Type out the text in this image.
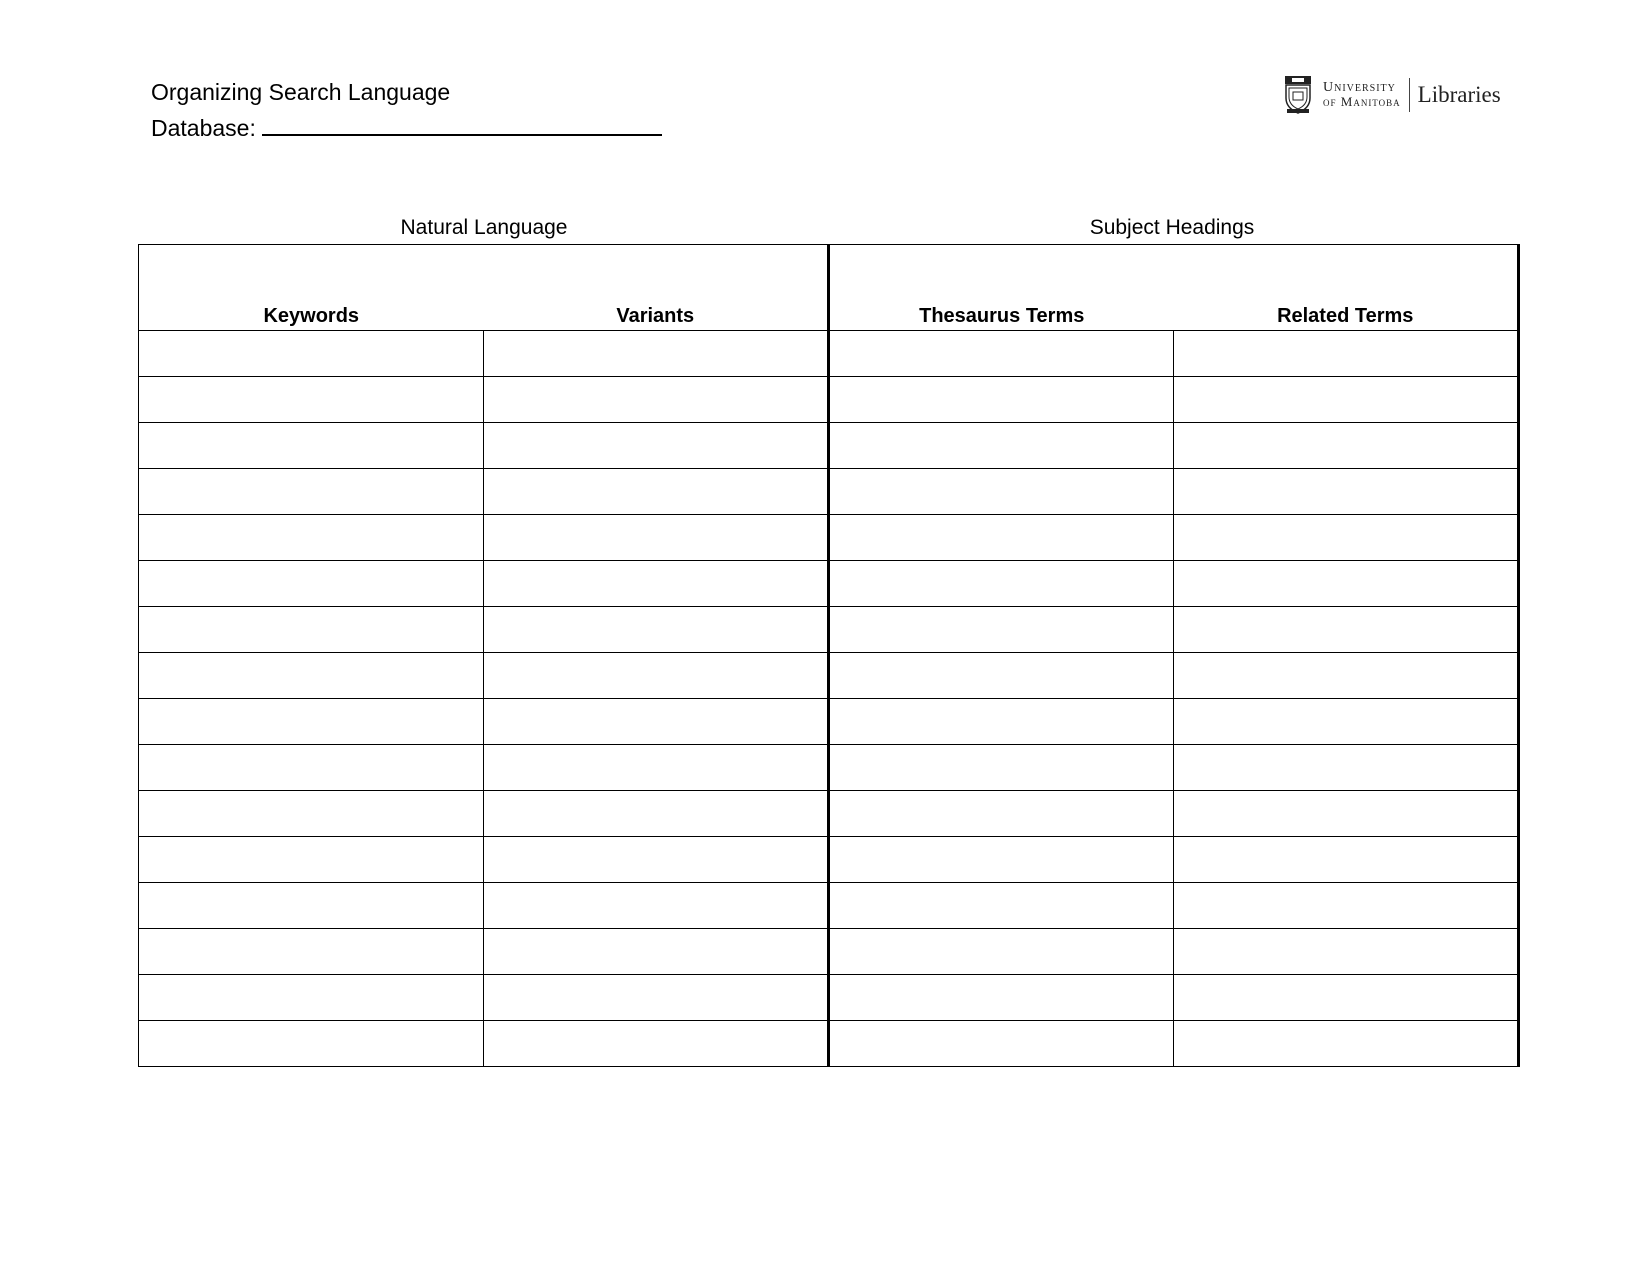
Organizing Search Language
Database:
University
of Manitoba Libraries
Natural Language	Subject Headings
Keywords	Variants	Thesaurus Terms	Related Terms
